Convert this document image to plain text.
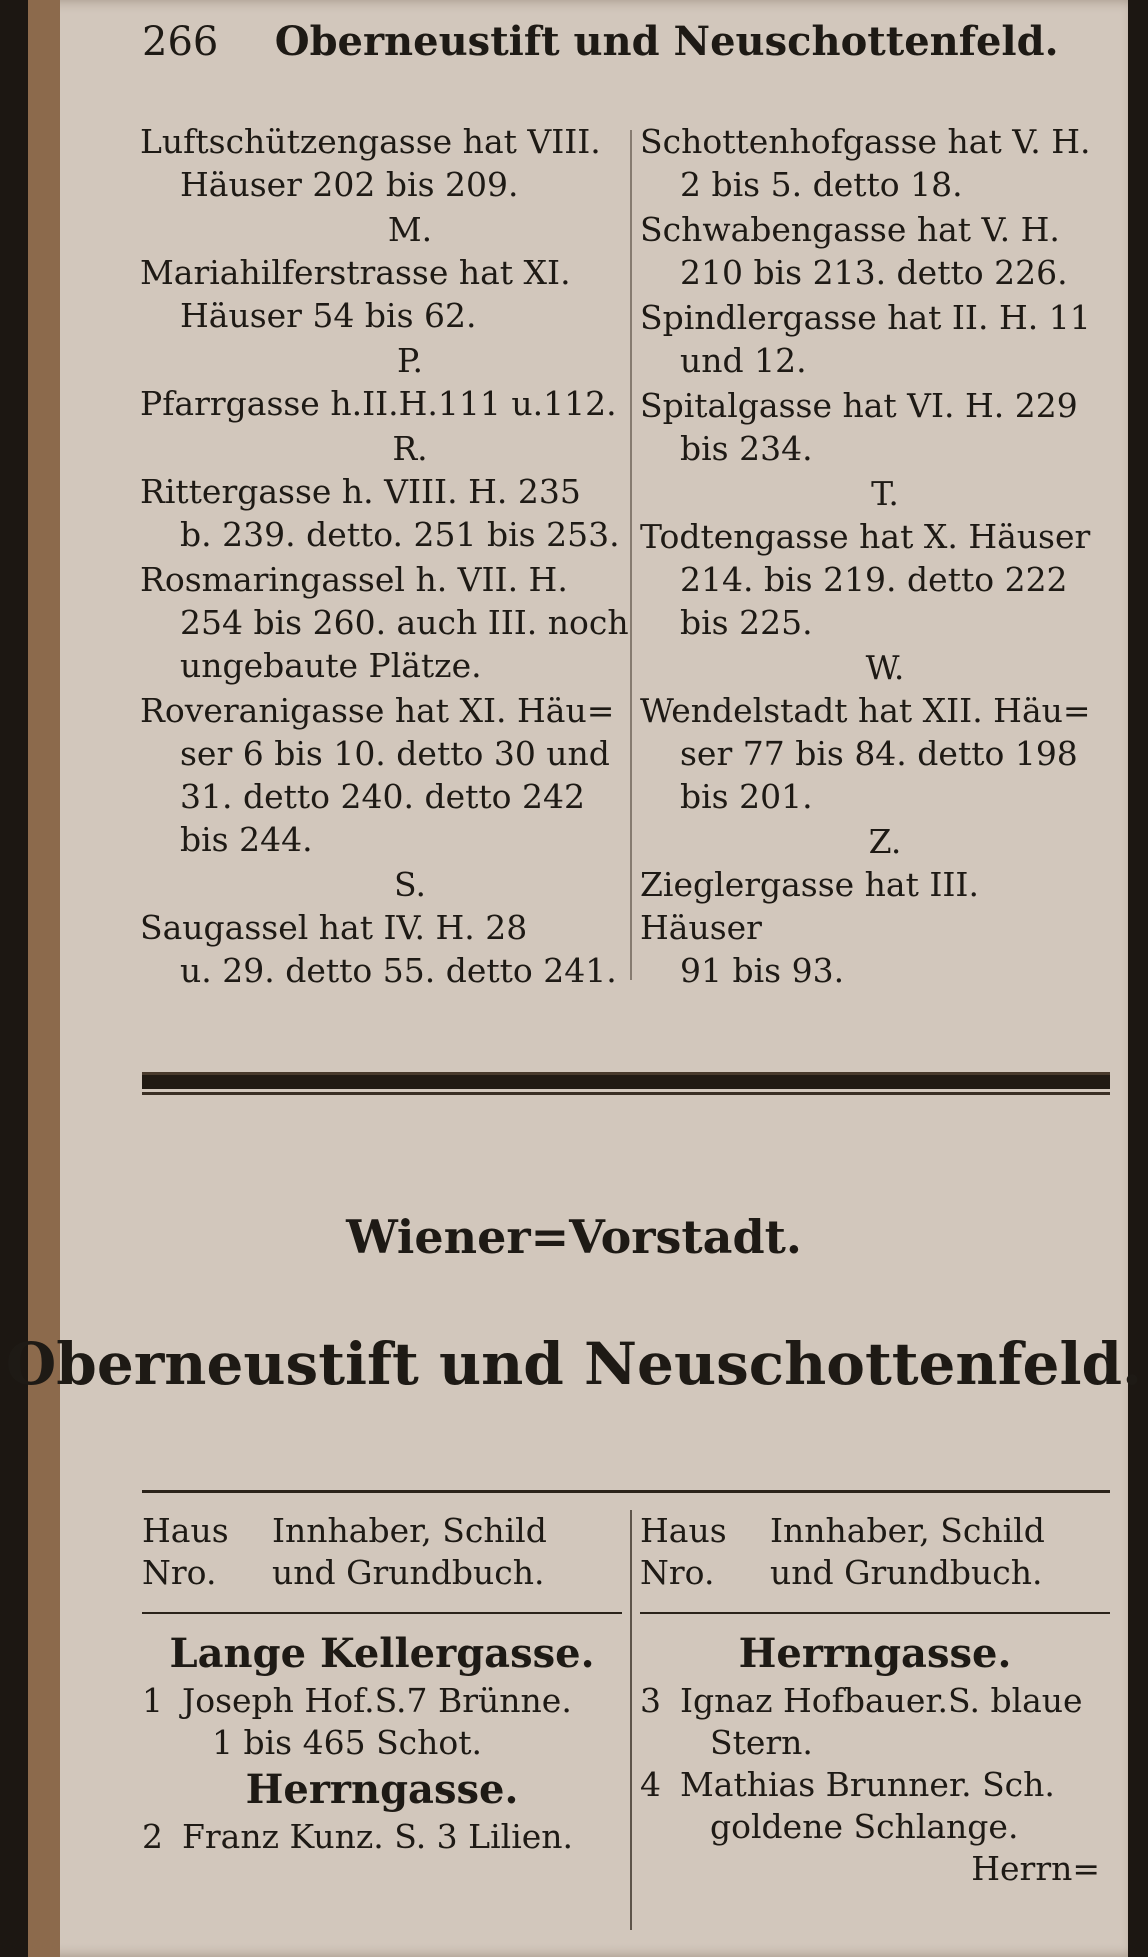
266 Oberneustift und Neuschottenfeld.
Luftschützengasse hat VIII.
Häuser 202 bis 209.
M.
Mariahilferstrasse hat XI.
Häuser 54 bis 62.
P.
Pfarrgasse h.II.H.111 u.112.
R.
Rittergasse h. VIII. H. 235
b. 239. detto. 251 bis 253.
Rosmaringassel h. VII. H.
254 bis 260. auch III. noch
ungebaute Plätze.
Roveranigasse hat XI. Häu=
ser 6 bis 10. detto 30 und
31. detto 240. detto 242
bis 244.
S.
Saugassel hat IV. H. 28
u. 29. detto 55. detto 241.
Schottenhofgasse hat V. H.
2 bis 5. detto 18.
Schwabengasse hat V. H.
210 bis 213. detto 226.
Spindlergasse hat II. H. 11
und 12.
Spitalgasse hat VI. H. 229
bis 234.
T.
Todtengasse hat X. Häuser
214. bis 219. detto 222
bis 225.
W.
Wendelstadt hat XII. Häu=
ser 77 bis 84. detto 198
bis 201.
Z.
Zieglergasse hat III. Häuser
91 bis 93.
Wiener=Vorstadt.
Oberneustift und Neuschottenfeld.
Haus Innhaber, Schild
Nro. und Grundbuch.
Haus Innhaber, Schild
Nro. und Grundbuch.
Lange Kellergasse.
1 Joseph Hof.S.7 Brünne.
1 bis 465 Schot.
Herrngasse.
2 Franz Kunz. S. 3 Lilien.
Herrngasse.
3 Ignaz Hofbauer.S. blaue
Stern.
4 Mathias Brunner. Sch.
goldene Schlange.
Herrn=
